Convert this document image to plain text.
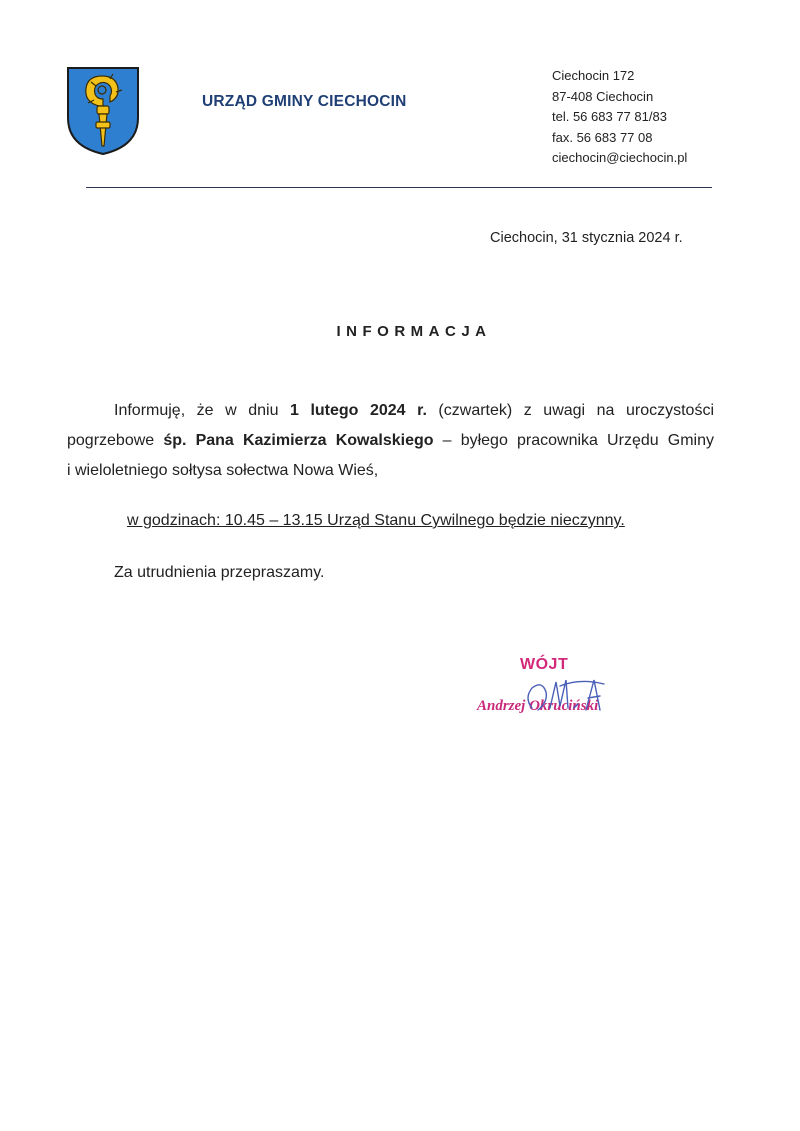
URZĄD GMINY CIECHOCIN
Ciechocin 172
87-408 Ciechocin
tel. 56 683 77 81/83
fax. 56 683 77 08
ciechocin@ciechocin.pl
Ciechocin, 31 stycznia 2024 r.
INFORMACJA
Informuję, że w dniu 1 lutego 2024 r. (czwartek) z uwagi na uroczystości
pogrzebowe śp. Pana Kazimierza Kowalskiego – byłego pracownika Urzędu Gminy
i wieloletniego sołtysa sołectwa Nowa Wieś,
w godzinach: 10.45 – 13.15 Urząd Stanu Cywilnego będzie nieczynny.
Za utrudnienia przepraszamy.
WÓJT
Andrzej Okruciński
